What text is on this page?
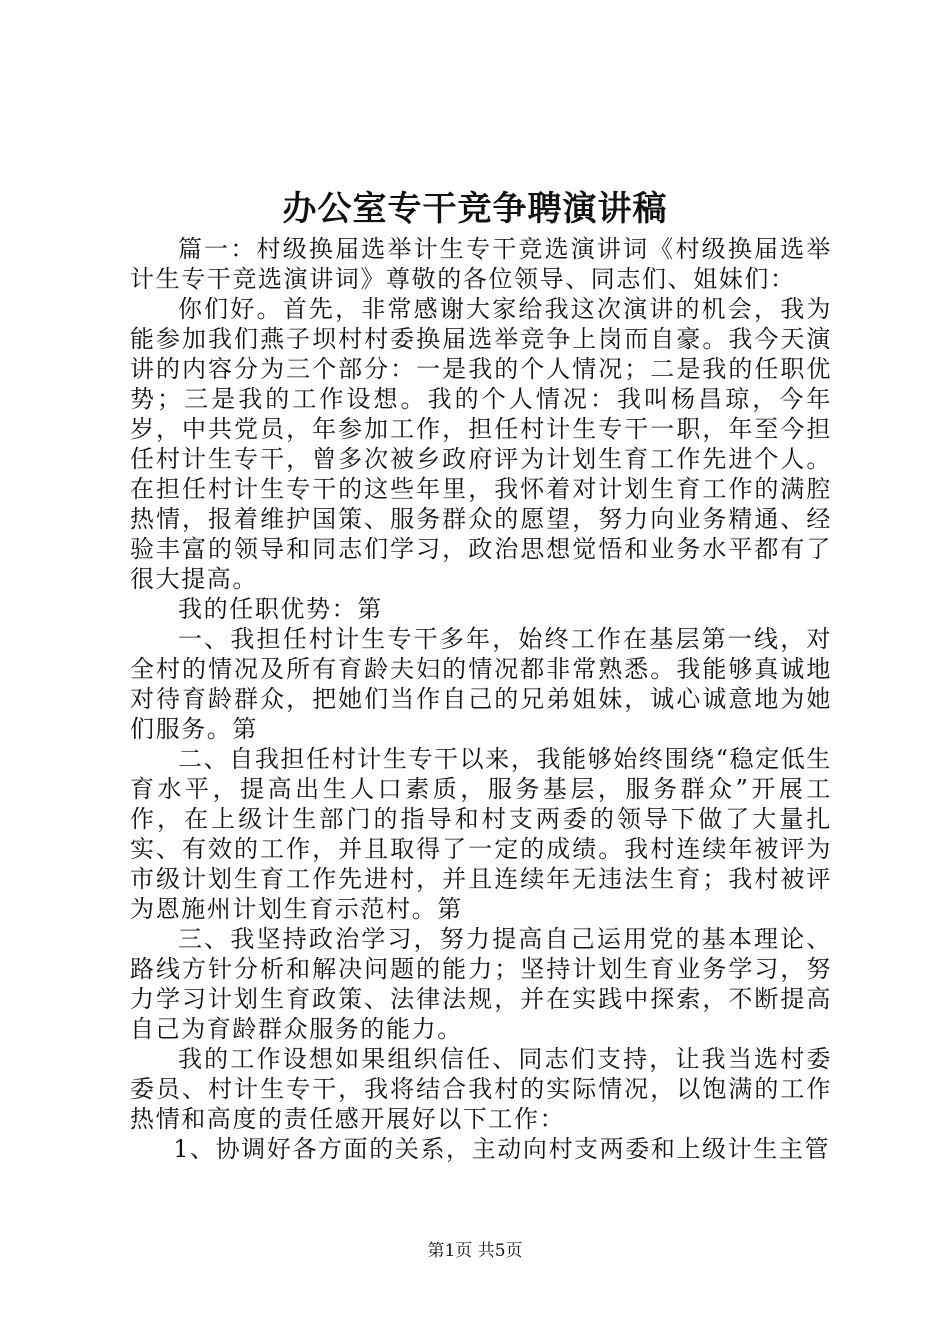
办公室专干竞争聘演讲稿

篇一：村级换届选举计生专干竞选演讲词《村级换届选举计生专干竞选演讲词》尊敬的各位领导、同志们、姐妹们：

你们好。首先，非常感谢大家给我这次演讲的机会，我为能参加我们燕子坝村村委换届选举竞争上岗而自豪。我今天演讲的内容分为三个部分：一是我的个人情况；二是我的任职优势；三是我的工作设想。我的个人情况：我叫杨昌琼，今年岁，中共党员，年参加工作，担任村计生专干一职，年至今担任村计生专干，曾多次被乡政府评为计划生育工作先进个人。在担任村计生专干的这些年里，我怀着对计划生育工作的满腔热情，报着维护国策、服务群众的愿望，努力向业务精通、经验丰富的领导和同志们学习，政治思想觉悟和业务水平都有了很大提高。

我的任职优势：第

一、我担任村计生专干多年，始终工作在基层第一线，对全村的情况及所有育龄夫妇的情况都非常熟悉。我能够真诚地对待育龄群众，把她们当作自己的兄弟姐妹，诚心诚意地为她们服务。第

二、自我担任村计生专干以来，我能够始终围绕“稳定低生育水平，提高出生人口素质，服务基层，服务群众”开展工作，在上级计生部门的指导和村支两委的领导下做了大量扎实、有效的工作，并且取得了一定的成绩。我村连续年被评为市级计划生育工作先进村，并且连续年无违法生育；我村被评为恩施州计划生育示范村。第

三、我坚持政治学习，努力提高自己运用党的基本理论、路线方针分析和解决问题的能力；坚持计划生育业务学习，努力学习计划生育政策、法律法规，并在实践中探索，不断提高自己为育龄群众服务的能力。

我的工作设想如果组织信任、同志们支持，让我当选村委委员、村计生专干，我将结合我村的实际情况，以饱满的工作热情和高度的责任感开展好以下工作：

1、协调好各方面的关系，主动向村支两委和上级计生主管

第1页 共5页
